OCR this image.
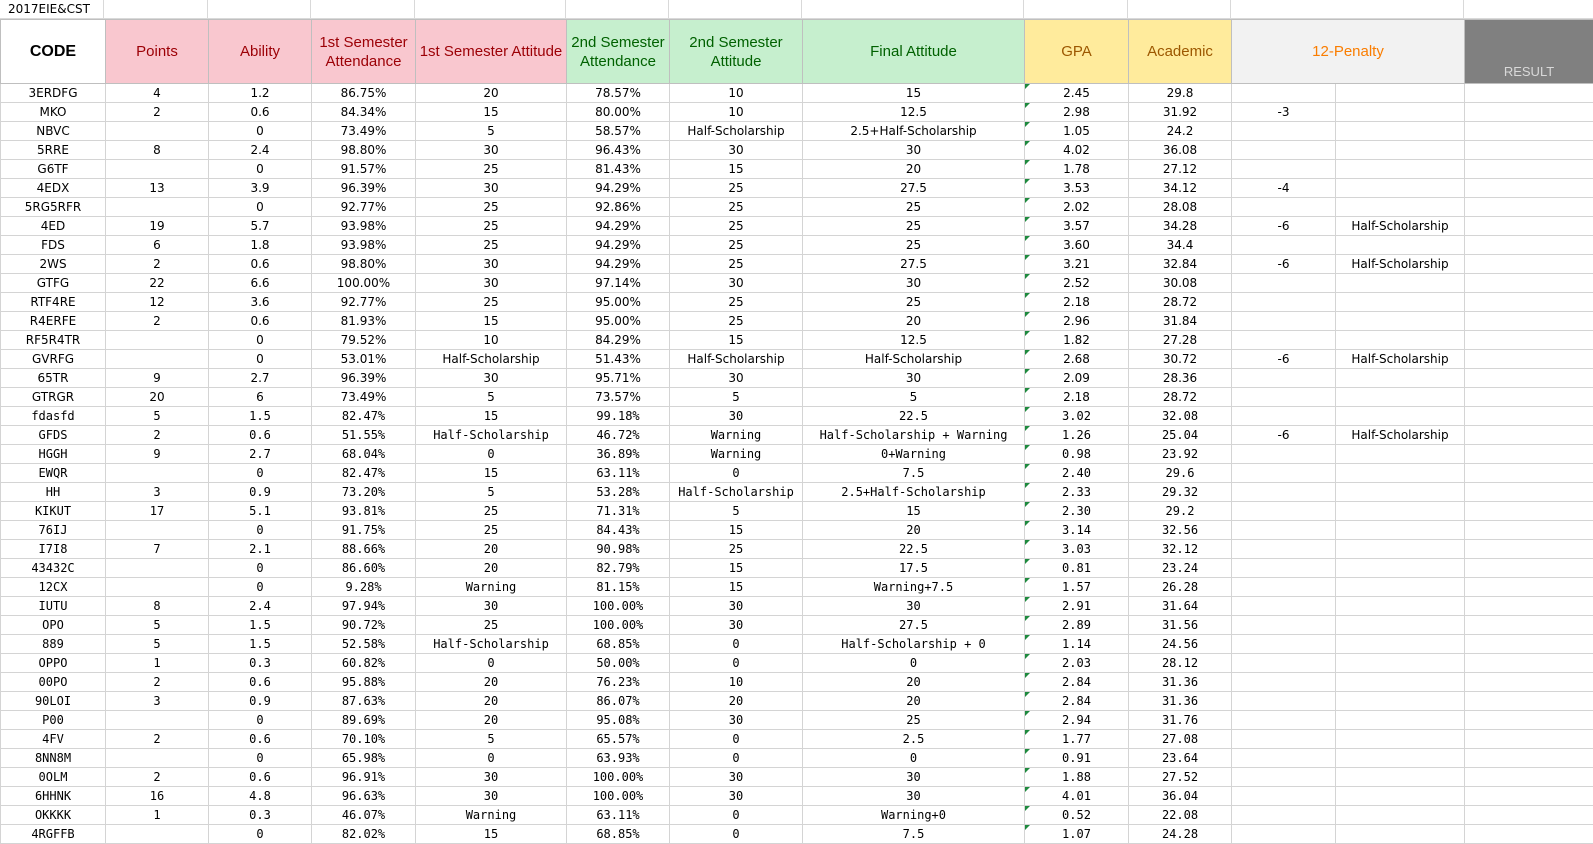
2017EIE&CST
CODE	Points	Ability	1st Semester Attendance	1st Semester Attitude	2nd Semester Attendance	2nd Semester Attitude	Final Attitude	GPA	Academic	12-Penalty		RESULT
3ERDFG	4	1.2	86.75%	20	78.57%	10	15	2.45	29.8			
MKO	2	0.6	84.34%	15	80.00%	10	12.5	2.98	31.92	-3		
NBVC		0	73.49%	5	58.57%	Half-Scholarship	2.5+Half-Scholarship	1.05	24.2			
5RRE	8	2.4	98.80%	30	96.43%	30	30	4.02	36.08			
G6TF		0	91.57%	25	81.43%	15	20	1.78	27.12			
4EDX	13	3.9	96.39%	30	94.29%	25	27.5	3.53	34.12	-4		
5RG5RFR		0	92.77%	25	92.86%	25	25	2.02	28.08			
4ED	19	5.7	93.98%	25	94.29%	25	25	3.57	34.28	-6	Half-Scholarship	
FDS	6	1.8	93.98%	25	94.29%	25	25	3.60	34.4			
2WS	2	0.6	98.80%	30	94.29%	25	27.5	3.21	32.84	-6	Half-Scholarship	
GTFG	22	6.6	100.00%	30	97.14%	30	30	2.52	30.08			
RTF4RE	12	3.6	92.77%	25	95.00%	25	25	2.18	28.72			
R4ERFE	2	0.6	81.93%	15	95.00%	25	20	2.96	31.84			
RF5R4TR		0	79.52%	10	84.29%	15	12.5	1.82	27.28			
GVRFG		0	53.01%	Half-Scholarship	51.43%	Half-Scholarship	Half-Scholarship	2.68	30.72	-6	Half-Scholarship	
65TR	9	2.7	96.39%	30	95.71%	30	30	2.09	28.36			
GTRGR	20	6	73.49%	5	73.57%	5	5	2.18	28.72			
fdasfd	5	1.5	82.47%	15	99.18%	30	22.5	3.02	32.08			
GFDS	2	0.6	51.55%	Half-Scholarship	46.72%	Warning	Half-Scholarship + Warning	1.26	25.04	-6	Half-Scholarship	
HGGH	9	2.7	68.04%	0	36.89%	Warning	0+Warning	0.98	23.92			
EWQR		0	82.47%	15	63.11%	0	7.5	2.40	29.6			
HH	3	0.9	73.20%	5	53.28%	Half-Scholarship	2.5+Half-Scholarship	2.33	29.32			
KIKUT	17	5.1	93.81%	25	71.31%	5	15	2.30	29.2			
76IJ		0	91.75%	25	84.43%	15	20	3.14	32.56			
I7I8	7	2.1	88.66%	20	90.98%	25	22.5	3.03	32.12			
43432C		0	86.60%	20	82.79%	15	17.5	0.81	23.24			
12CX		0	9.28%	Warning	81.15%	15	Warning+7.5	1.57	26.28			
IUTU	8	2.4	97.94%	30	100.00%	30	30	2.91	31.64			
OPO	5	1.5	90.72%	25	100.00%	30	27.5	2.89	31.56			
889	5	1.5	52.58%	Half-Scholarship	68.85%	0	Half-Scholarship + 0	1.14	24.56			
OPPO	1	0.3	60.82%	0	50.00%	0	0	2.03	28.12			
00PO	2	0.6	95.88%	20	76.23%	10	20	2.84	31.36			
90LOI	3	0.9	87.63%	20	86.07%	20	20	2.84	31.36			
P00		0	89.69%	20	95.08%	30	25	2.94	31.76			
4FV	2	0.6	70.10%	5	65.57%	0	2.5	1.77	27.08			
8NN8M		0	65.98%	0	63.93%	0	0	0.91	23.64			
0OLM	2	0.6	96.91%	30	100.00%	30	30	1.88	27.52			
6HHNK	16	4.8	96.63%	30	100.00%	30	30	4.01	36.04			
OKKKK	1	0.3	46.07%	Warning	63.11%	0	Warning+0	0.52	22.08			
4RGFFB		0	82.02%	15	68.85%	0	7.5	1.07	24.28			
